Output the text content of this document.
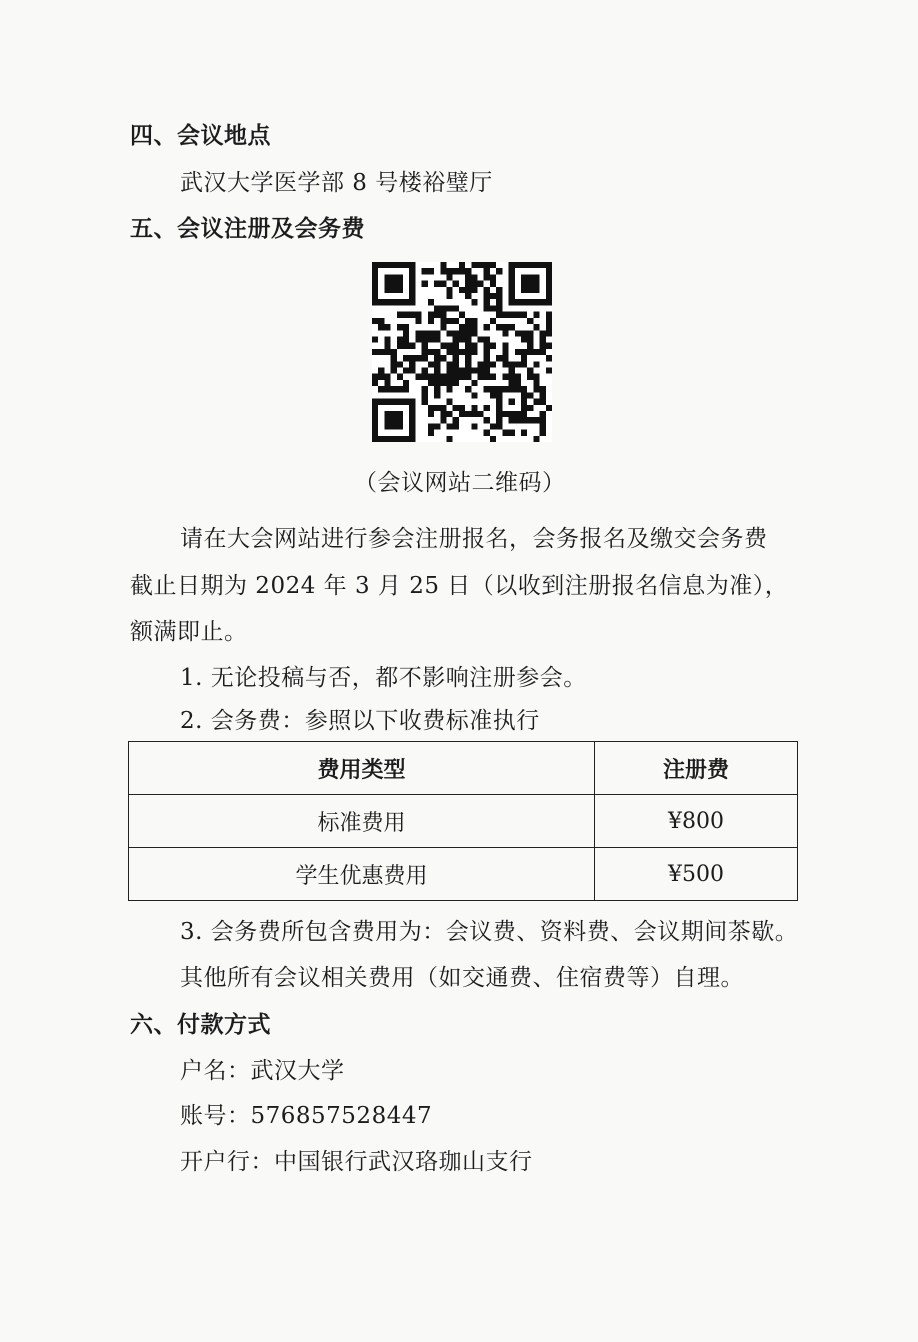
四、会议地点
武汉大学医学部 8 号楼裕璧厅
五、会议注册及会务费
（会议网站二维码）
请在大会网站进行参会注册报名，会务报名及缴交会务费
截止日期为 2024 年 3 月 25 日（以收到注册报名信息为准），
额满即止。
1. 无论投稿与否，都不影响注册参会。
2. 会务费：参照以下收费标准执行
费用类型	注册费
标准费用	¥800
学生优惠费用	¥500
3. 会务费所包含费用为：会议费、资料费、会议期间茶歇。
其他所有会议相关费用（如交通费、住宿费等）自理。
六、付款方式
户名：武汉大学
账号：576857528447
开户行：中国银行武汉珞珈山支行
